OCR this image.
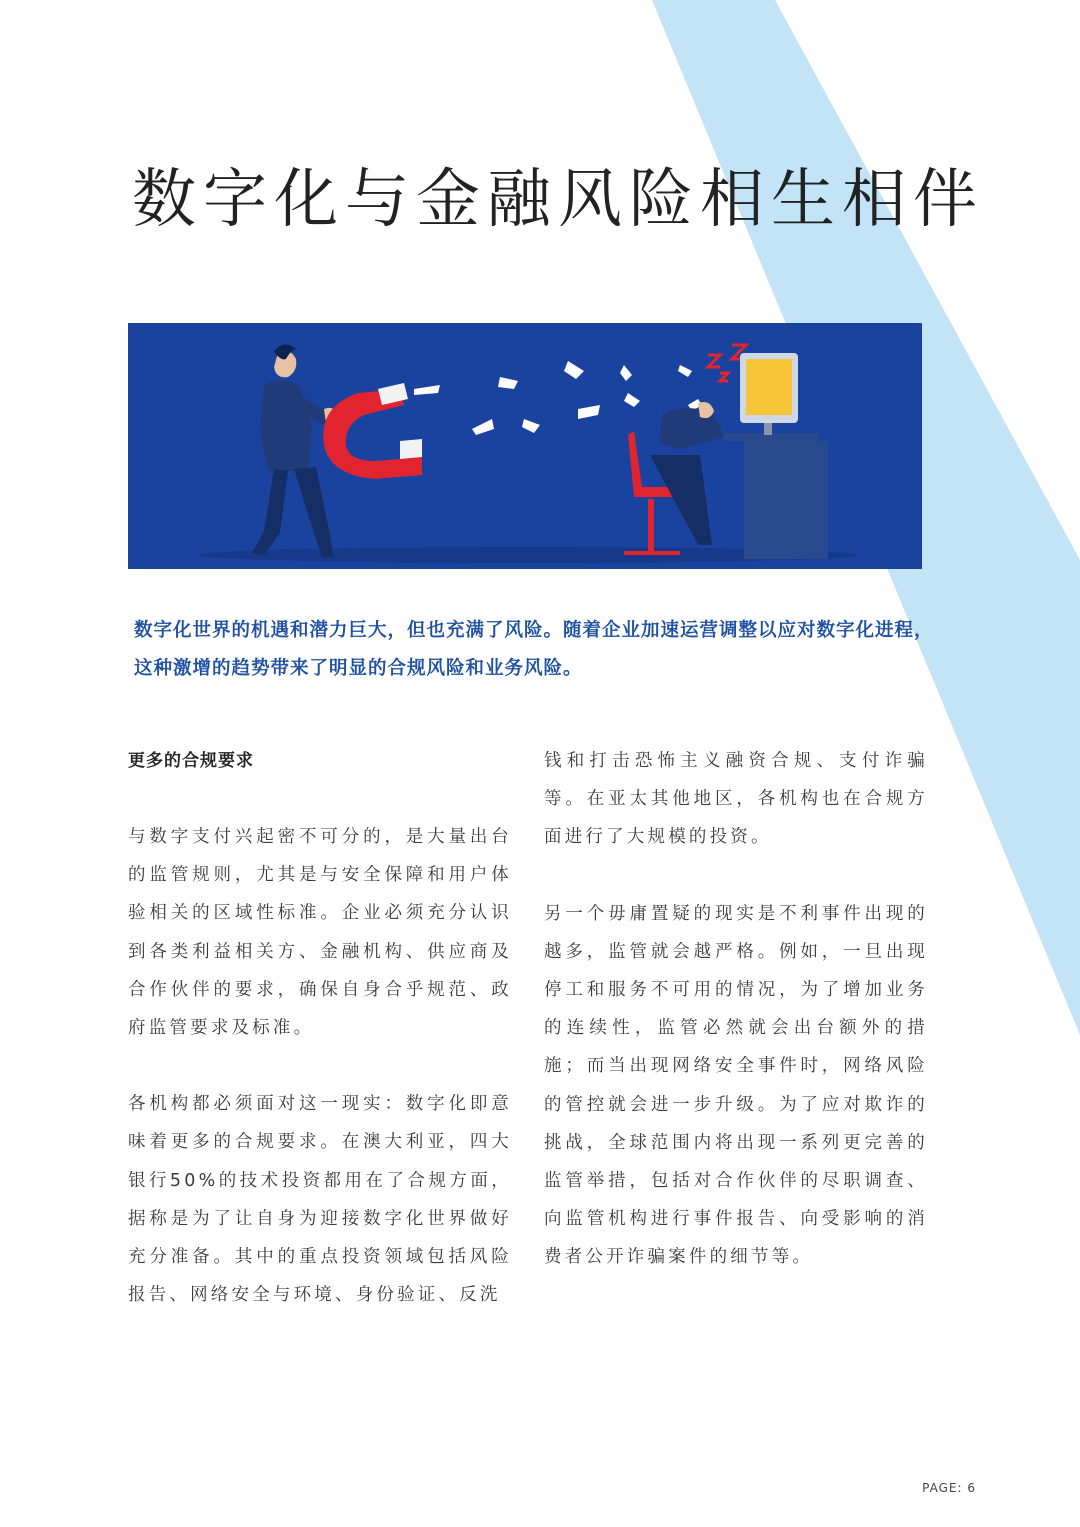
数字化与金融风险相生相伴

数字化世界的机遇和潜力巨大，但也充满了风险。随着企业加速运营调整以应对数字化进程，这种激增的趋势带来了明显的合规风险和业务风险。

更多的合规要求

与数字支付兴起密不可分的，是大量出台的监管规则，尤其是与安全保障和用户体验相关的区域性标准。企业必须充分认识到各类利益相关方、金融机构、供应商及合作伙伴的要求，确保自身合乎规范、政府监管要求及标准。

各机构都必须面对这一现实：数字化即意味着更多的合规要求。在澳大利亚，四大银行50%的技术投资都用在了合规方面，据称是为了让自身为迎接数字化世界做好充分准备。其中的重点投资领域包括风险报告、网络安全与环境、身份验证、反洗

钱和打击恐怖主义融资合规、支付诈骗等。在亚太其他地区，各机构也在合规方面进行了大规模的投资。

另一个毋庸置疑的现实是不利事件出现的越多，监管就会越严格。例如，一旦出现停工和服务不可用的情况，为了增加业务的连续性，监管必然就会出台额外的措施；而当出现网络安全事件时，网络风险的管控就会进一步升级。为了应对欺诈的挑战，全球范围内将出现一系列更完善的监管举措，包括对合作伙伴的尽职调查、向监管机构进行事件报告、向受影响的消费者公开诈骗案件的细节等。

PAGE: 6
